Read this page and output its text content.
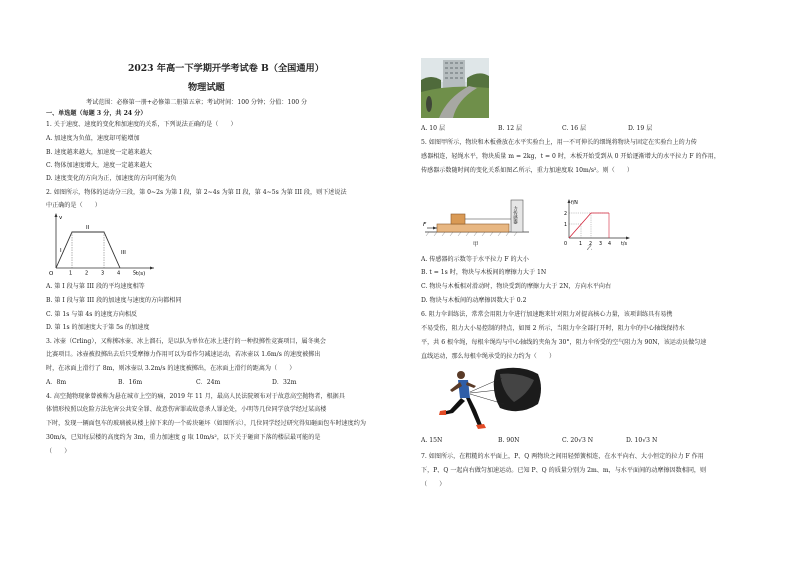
2023 年高一下学期开学考试卷 B（全国通用）
物理试题
考试范围：必修第一册+必修第二册第五章；考试时间：100 分钟；分值：100 分
一、单选题（每题 3 分，共 24 分）
1. 关于速度、速度的变化和加速度的关系，下列说法正确的是（　　）
A. 加速度为负值，速度却可能增加
B. 速度越来越大，加速度一定越来越大
C. 物体加速度增大，速度一定越来越大
D. 速度变化的方向为正，加速度的方向可能为负
2. 如图所示，物体的运动分三段，第 0~2s 为第 I 段，第 2~4s 为第 II 段，第 4~5s 为第 III 段，则下述说法
中正确的是（　　）
v
t(s)
O	1	2	3	4	5
I
II
III
A. 第 I 段与第 III 段的平均速度相等
B. 第 I 段与第 III 段的加速度与速度的方向都相同
C. 第 1s 与第 4s 的速度方向相反
D. 第 1s 的加速度大于第 5s 的加速度
3. 冰壶（Crling），又称掷冰壶、冰上溜石，是以队为单位在冰上进行的一种投掷性竞赛项目，属冬奥会
比赛项目。冰壶被投掷出去后只受摩擦力作用可以为看作匀减速运动，若冰壶以 1.6m/s 的速度被掷出
时，在冰面上滑行了 8m，则冰壶以 3.2m/s 的速度被掷出，在冰面上滑行的距离为（　　）
A．8m	B．16m	C．24m	D．32m
4. 高空抛物现象曾被称为悬在城市上空的痛，2019 年 11 月，最高人民法院颁布对于故意高空抛物者，根据具
体情形按照以危险方法危害公共安全罪、故意伤害罪或故意杀人罪论处，小明等几位同学放学经过某高楼
下时，发现一辆面包车的玻璃被从楼上掉下来的一个砖块砸坏（如图所示），几位同学经过研究得知砸面包车时速度约为
30m/s，已知每层楼的高度约为 3m，重力加速度 g 取 10m/s²，以下关于砸窗下落的楼层最可能的是
（　　）
A. 10 层	B. 12 层	C. 16 层	D. 19 层
5. 如图甲所示，物块和木板叠放在水平实验台上，用一不可伸长的细绳将物块与固定在实验台上的力传
感器相连，轻绳水平，物块质量 m = 2kg，t = 0 时，木板开始受到从 0 开始逐渐增大的水平拉力 F 的作用，
传感器示数随时间的变化关系如图乙所示，重力加速度取 10m/s²。则（　　）
力传感器
F
甲
f/N
t/s
0
2
1
1 2 3 4
乙
A. 传感器的示数等于水平拉力 F 的大小
B. t = 1s 时，物块与木板间的摩擦力大于 1N
C. 物块与木板相对滑动时，物块受到的摩擦力大于 2N，方向水平向右
D. 物块与木板间的动摩擦因数大于 0.2
6. 阻力伞训练法，常常会用阻力伞进行加速跑来针对阻力对提高核心力量，该项训练具有易携
不易受伤，阻力大小易控制的特点，如图 2 所示，当阻力伞全部打开时，阻力伞的中心轴线保持水
平，共 6 根伞绳，每根伞绳均与中心轴线的夹角为 30°，阻力伞所受的空气阻力为 90N，该运动员做匀速
直线运动，那么每根伞绳承受的拉力约为（　　）
A. 15N	B. 90N	C. 20√3 N	D. 10√3 N
7. 如图所示，在粗糙的水平面上，P、Q 两物块之间用轻弹簧相连，在水平向右、大小恒定的拉力 F 作用
下，P、Q 一起向右做匀加速运动。已知 P、Q 的质量分别为 2m、m，与水平面间的动摩擦因数相同，则
（　　）
